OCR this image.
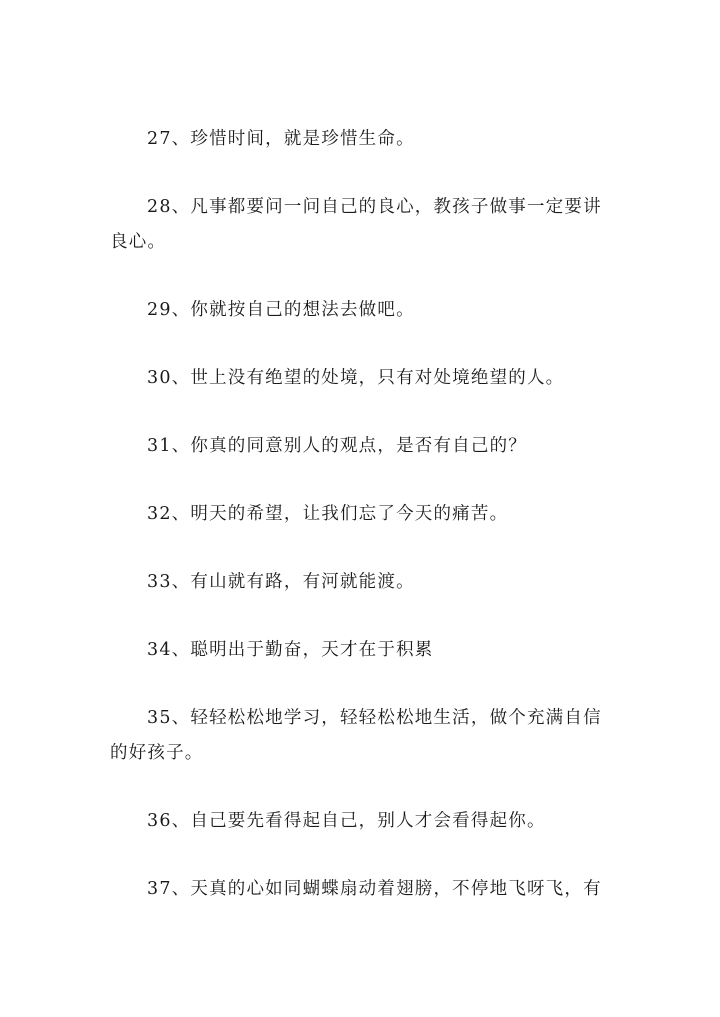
27、珍惜时间，就是珍惜生命。

28、凡事都要问一问自己的良心，教孩子做事一定要讲良心。

29、你就按自己的想法去做吧。

30、世上没有绝望的处境，只有对处境绝望的人。

31、你真的同意别人的观点，是否有自己的？

32、明天的希望，让我们忘了今天的痛苦。

33、有山就有路，有河就能渡。

34、聪明出于勤奋，天才在于积累

35、轻轻松松地学习，轻轻松松地生活，做个充满自信的好孩子。

36、自己要先看得起自己，别人才会看得起你。

37、天真的心如同蝴蝶扇动着翅膀，不停地飞呀飞，有
